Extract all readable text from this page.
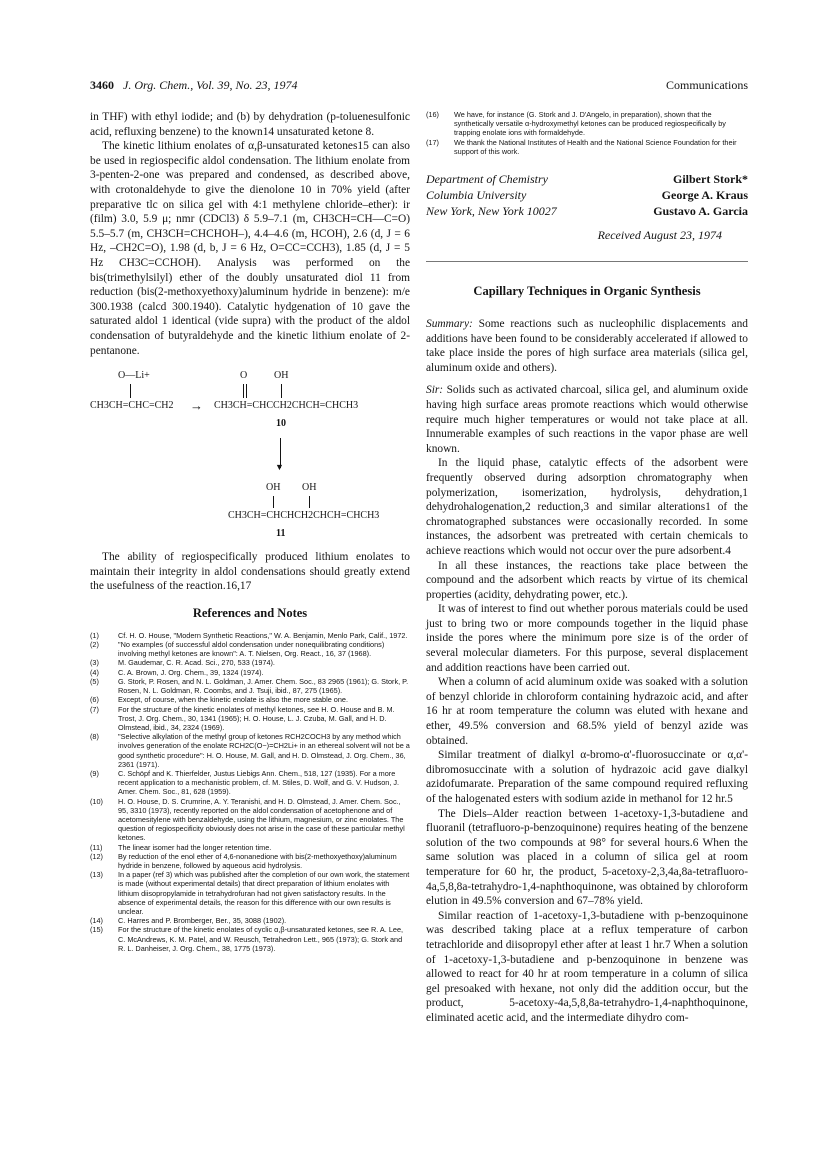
3460 J. Org. Chem., Vol. 39, No. 23, 1974	Communications

in THF) with ethyl iodide; and (b) by dehydration (p-toluenesulfonic acid, refluxing benzene) to the known14 unsaturated ketone 8.

The kinetic lithium enolates of α,β-unsaturated ketones15 can also be used in regiospecific aldol condensation. The lithium enolate from 3-penten-2-one was prepared and condensed, as described above, with crotonaldehyde to give the dienolone 10 in 70% yield (after preparative tlc on silica gel with 4:1 methylene chloride–ether): ir (film) 3.0, 5.9 μ; nmr (CDCl3) δ 5.9–7.1 (m, CH3CH=CH—C=O) 5.5–5.7 (m, CH3CH=CHCHOH–), 4.4–4.6 (m, HCOH), 2.6 (d, J = 6 Hz, –CH2C=O), 1.98 (d, b, J = 6 Hz, O=CC=CCH3), 1.85 (d, J = 5 Hz CH3C=CCHOH). Analysis was performed on the bis(trimethylsilyl) ether of the doubly unsaturated diol 11 from reduction (bis(2-methoxyethoxy)aluminum hydride in benzene): m/e 300.1938 (calcd 300.1940). Catalytic hydgenation of 10 gave the saturated aldol 1 identical (vide supra) with the product of the aldol condensation of butyraldehyde and the kinetic lithium enolate of 2-pentanone.

O—Li+
CH3CH=CHC=CH2 →
O	OH
CH3CH=CHCCH2CHCH=CHCH3
10
▼
OH OH
CH3CH=CHCHCH2CHCH=CHCH3
11

The ability of regiospecifically produced lithium enolates to maintain their integrity in aldol condensations should greatly extend the usefulness of the reaction.16,17

References and Notes
(1)	Cf. H. O. House, "Modern Synthetic Reactions," W. A. Benjamin, Menlo Park, Calif., 1972.
(2)	"No examples (of successful aldol condensation under nonequilibrating conditions) involving methyl ketones are known": A. T. Nielsen, Org. React., 16, 37 (1968).
(3)	M. Gaudemar, C. R. Acad. Sci., 270, 533 (1974).
(4)	C. A. Brown, J. Org. Chem., 39, 1324 (1974).
(5)	G. Stork, P. Rosen, and N. L. Goldman, J. Amer. Chem. Soc., 83 2965 (1961); G. Stork, P. Rosen, N. L. Goldman, R. Coombs, and J. Tsuji, ibid., 87, 275 (1965).
(6)	Except, of course, when the kinetic enolate is also the more stable one.
(7)	For the structure of the kinetic enolates of methyl ketones, see H. O. House and B. M. Trost, J. Org. Chem., 30, 1341 (1965); H. O. House, L. J. Czuba, M. Gall, and H. D. Olmstead, ibid., 34, 2324 (1969).
(8)	"Selective alkylation of the methyl group of ketones RCH2COCH3 by any method which involves generation of the enolate RCH2C(O−)=CH2Li+ in an ethereal solvent will not be a good synthetic procedure": H. O. House, M. Gall, and H. D. Olmstead, J. Org. Chem., 36, 2361 (1971).
(9)	C. Schöpf and K. Thierfelder, Justus Liebigs Ann. Chem., 518, 127 (1935). For a more recent application to a mechanistic problem, cf. M. Stiles, D. Wolf, and G. V. Hudson, J. Amer. Chem. Soc., 81, 628 (1959).
(10) H. O. House, D. S. Crumrine, A. Y. Teranishi, and H. D. Olmstead, J. Amer. Chem. Soc., 95, 3310 (1973), recently reported on the aldol condensation of acetophenone and of acetomesitylene with benzaldehyde, using the lithium, magnesium, or zinc enolates. The question of regiospecificity obviously does not arise in the case of these particular methyl ketones.
(11) The linear isomer had the longer retention time.
(12) By reduction of the enol ether of 4,6-nonanedione with bis(2-methoxyethoxy)aluminum hydride in benzene, followed by aqueous acid hydrolysis.
(13) In a paper (ref 3) which was published after the completion of our own work, the statement is made (without experimental details) that direct preparation of lithium enolates with lithium diisopropylamide in tetrahydrofuran had not given satisfactory results. In the absence of experimental details, the reason for this difference with our own results is unclear.
(14) C. Harres and P. Bromberger, Ber., 35, 3088 (1902).
(15) For the structure of the kinetic enolates of cyclic α,β-unsaturated ketones, see R. A. Lee, C. McAndrews, K. M. Patel, and W. Reusch, Tetrahedron Lett., 965 (1973); G. Stork and R. L. Danheiser, J. Org. Chem., 38, 1775 (1973).
(16) We have, for instance (G. Stork and J. D'Angelo, in preparation), shown that the synthetically versatile α-hydroxymethyl ketones can be produced regiospecifically by trapping enolate ions with formaldehyde.
(17) We thank the National Institutes of Health and the National Science Foundation for their support of this work.
Department of Chemistry
Columbia University
New York, New York 10027
Gilbert Stork*
George A. Kraus
Gustavo A. Garcia
Received August 23, 1974
Capillary Techniques in Organic Synthesis

Summary: Some reactions such as nucleophilic displacements and additions have been found to be considerably accelerated if allowed to take place inside the pores of high surface area materials (silica gel, aluminum oxide and others).

Sir: Solids such as activated charcoal, silica gel, and aluminum oxide having high surface areas promote reactions which would otherwise require much higher temperatures or would not take place at all. Innumerable examples of such reactions in the vapor phase are well known.

In the liquid phase, catalytic effects of the adsorbent were frequently observed during adsorption chromatography when polymerization, isomerization, hydrolysis, dehydration,1 dehydrohalogenation,2 reduction,3 and similar alterations1 of the chromatographed substances were occasionally recorded. In some instances, the adsorbent was pretreated with certain chemicals to achieve reactions which would not occur over the pure adsorbent.4

In all these instances, the reactions take place between the compound and the adsorbent which reacts by virtue of its chemical properties (acidity, dehydrating power, etc.).

It was of interest to find out whether porous materials could be used just to bring two or more compounds together in the liquid phase inside the pores where the minimum pore size is of the order of several molecular diameters. For this purpose, several displacement and addition reactions have been carried out.

When a column of acid aluminum oxide was soaked with a solution of benzyl chloride in chloroform containing hydrazoic acid, and after 16 hr at room temperature the column was eluted with hexane and ether, 49.5% conversion and 68.5% yield of benzyl azide was obtained.

Similar treatment of dialkyl α-bromo-α'-fluorosuccinate or α,α'-dibromosuccinate with a solution of hydrazoic acid gave dialkyl azidofumarate. Preparation of the same compound required refluxing of the halogenated esters with sodium azide in methanol for 12 hr.5

The Diels–Alder reaction between 1-acetoxy-1,3-butadiene and fluoranil (tetrafluoro-p-benzoquinone) requires heating of the benzene solution of the two compounds at 98° for several hours.6 When the same solution was placed in a column of silica gel at room temperature for 60 hr, the product, 5-acetoxy-2,3,4a,8a-tetrafluoro-4a,5,8,8a-tetrahydro-1,4-naphthoquinone, was obtained by chloroform elution in 49.5% conversion and 67–78% yield.

Similar reaction of 1-acetoxy-1,3-butadiene with p-benzoquinone was described taking place at a reflux temperature of carbon tetrachloride and diisopropyl ether after at least 1 hr.7 When a solution of 1-acetoxy-1,3-butadiene and p-benzoquinone in benzene was allowed to react for 40 hr at room temperature in a column of silica gel presoaked with hexane, not only did the addition occur, but the product, 5-acetoxy-4a,5,8,8a-tetrahydro-1,4-naphthoquinone, eliminated acetic acid, and the intermediate dihydro com-
